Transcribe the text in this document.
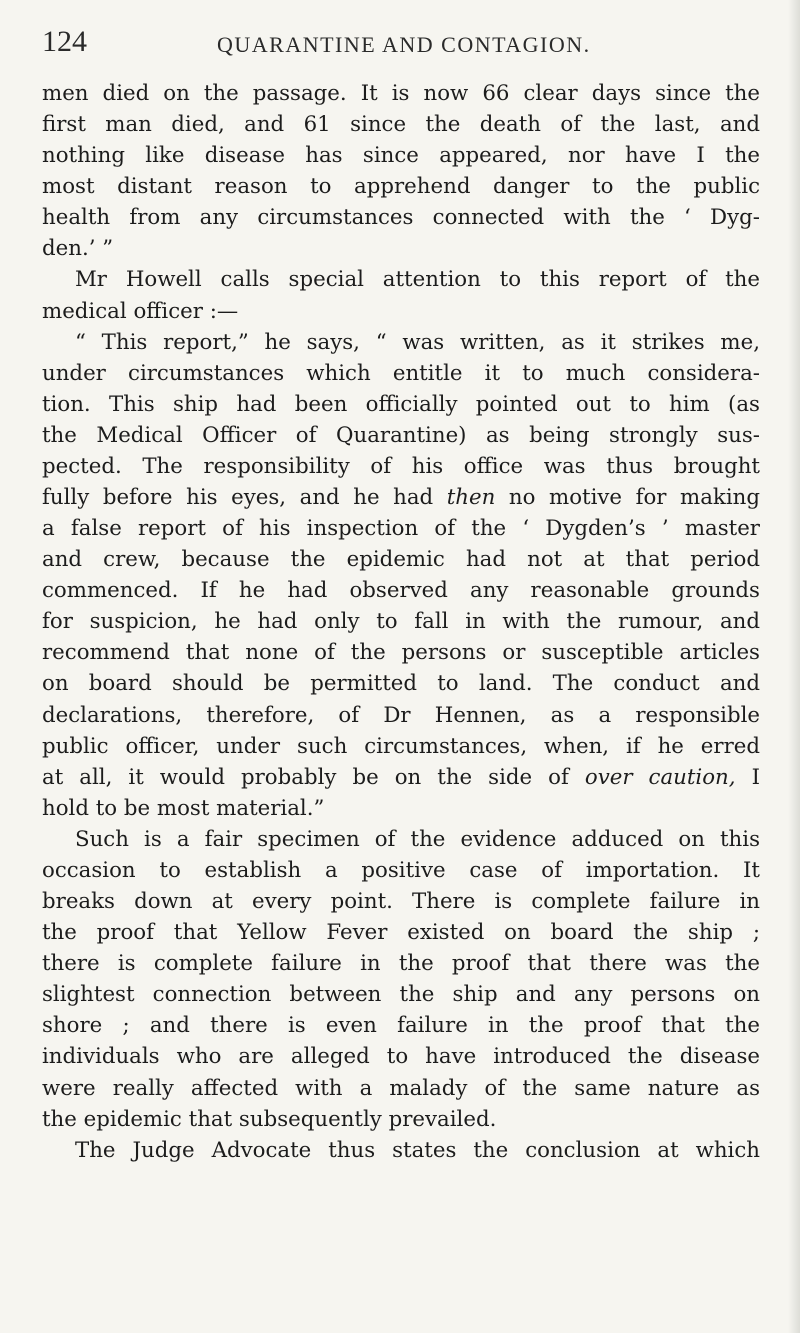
124	QUARANTINE AND CONTAGION.
men died on the passage. It is now 66 clear days since the
first man died, and 61 since the death of the last, and
nothing like disease has since appeared, nor have I the
most distant reason to apprehend danger to the public
health from any circumstances connected with the ‘ Dyg-
den.’ ”
Mr Howell calls special attention to this report of the
medical officer :—
“ This report,” he says, “ was written, as it strikes me,
under circumstances which entitle it to much considera-
tion. This ship had been officially pointed out to him (as
the Medical Officer of Quarantine) as being strongly sus-
pected. The responsibility of his office was thus brought
fully before his eyes, and he had then no motive for making
a false report of his inspection of the ‘ Dygden’s ’ master
and crew, because the epidemic had not at that period
commenced. If he had observed any reasonable grounds
for suspicion, he had only to fall in with the rumour, and
recommend that none of the persons or susceptible articles
on board should be permitted to land. The conduct and
declarations, therefore, of Dr Hennen, as a responsible
public officer, under such circumstances, when, if he erred
at all, it would probably be on the side of over caution, I
hold to be most material.”
Such is a fair specimen of the evidence adduced on this
occasion to establish a positive case of importation. It
breaks down at every point. There is complete failure in
the proof that Yellow Fever existed on board the ship ;
there is complete failure in the proof that there was the
slightest connection between the ship and any persons on
shore ; and there is even failure in the proof that the
individuals who are alleged to have introduced the disease
were really affected with a malady of the same nature as
the epidemic that subsequently prevailed.
The Judge Advocate thus states the conclusion at which
